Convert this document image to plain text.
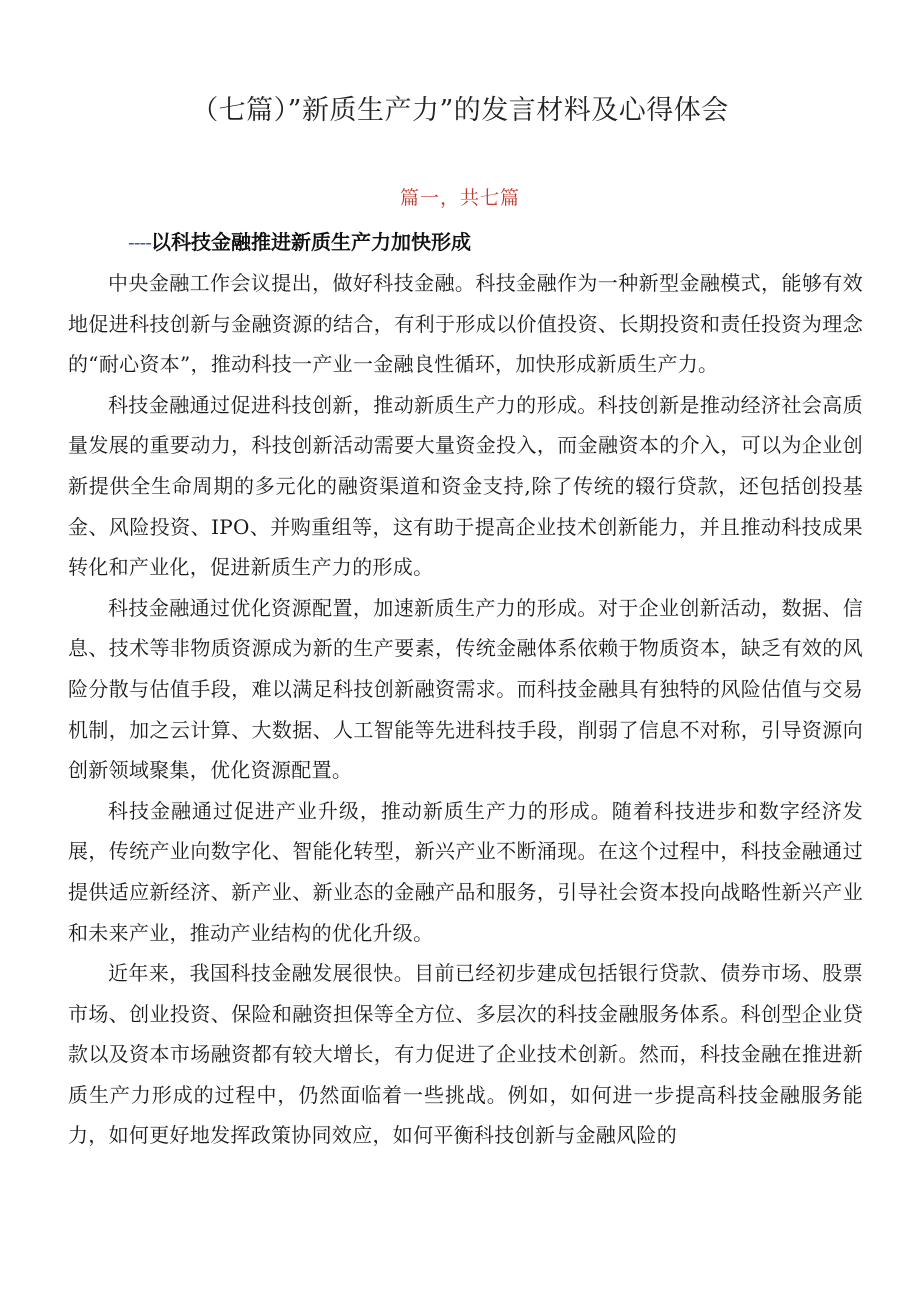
（七篇）”新质生产力”的发言材料及心得体会
篇一，共七篇
----以科技金融推进新质生产力加快形成

中央金融工作会议提出，做好科技金融。科技金融作为一种新型金融模式，能够有效地促进科技创新与金融资源的结合，有利于形成以价值投资、长期投资和责任投资为理念的“耐心资本”，推动科技一产业一金融良性循环，加快形成新质生产力。

科技金融通过促进科技创新，推动新质生产力的形成。科技创新是推动经济社会高质量发展的重要动力，科技创新活动需要大量资金投入，而金融资本的介入，可以为企业创新提供全生命周期的多元化的融资渠道和资金支持,除了传统的辍行贷款，还包括创投基金、风险投资、IPO、并购重组等，这有助于提高企业技术创新能力，并且推动科技成果转化和产业化，促进新质生产力的形成。

科技金融通过优化资源配置，加速新质生产力的形成。对于企业创新活动，数据、信息、技术等非物质资源成为新的生产要素，传统金融体系依赖于物质资本，缺乏有效的风险分散与估值手段，难以满足科技创新融资需求。而科技金融具有独特的风险估值与交易机制，加之云计算、大数据、人工智能等先进科技手段，削弱了信息不对称，引导资源向创新领域聚集，优化资源配置。

科技金融通过促进产业升级，推动新质生产力的形成。随着科技进步和数字经济发展，传统产业向数字化、智能化转型，新兴产业不断涌现。在这个过程中，科技金融通过提供适应新经济、新产业、新业态的金融产品和服务，引导社会资本投向战略性新兴产业和未来产业，推动产业结构的优化升级。

近年来，我国科技金融发展很快。目前已经初步建成包括银行贷款、债券市场、股票市场、创业投资、保险和融资担保等全方位、多层次的科技金融服务体系。科创型企业贷款以及资本市场融资都有较大增长，有力促进了企业技术创新。然而，科技金融在推进新质生产力形成的过程中，仍然面临着一些挑战。例如，如何进一步提高科技金融服务能力，如何更好地发挥政策协同效应，如何平衡科技创新与金融风险的
